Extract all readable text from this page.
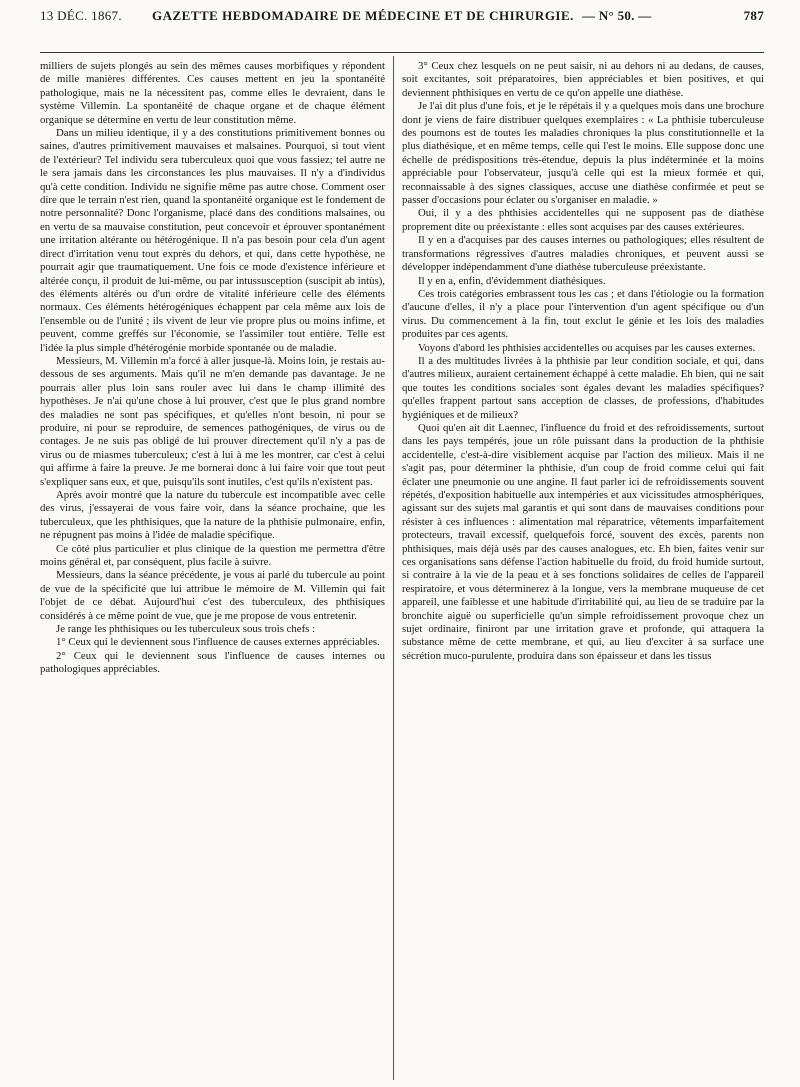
13 DÉC. 1867. GAZETTE HEBDOMADAIRE DE MÉDECINE ET DE CHIRURGIE. — N° 50. —	787

milliers de sujets plongés au sein des mêmes causes morbifiques y répondent de mille manières différentes. Ces causes mettent en jeu la spontanéité pathologique, mais ne la nécessitent pas, comme elles le devraient, dans le système Villemin. La spontanéité de chaque organe et de chaque élément organique se détermine en vertu de leur constitution même.

Dans un milieu identique, il y a des constitutions primitivement bonnes ou saines, d'autres primitivement mauvaises et malsaines. Pourquoi, si tout vient de l'extérieur? Tel individu sera tuberculeux quoi que vous fassiez; tel autre ne le sera jamais dans les circonstances les plus mauvaises. Il n'y a d'individus qu'à cette condition. Individu ne signifie même pas autre chose. Comment oser dire que le terrain n'est rien, quand la spontanéité organique est le fondement de notre personnalité? Donc l'organisme, placé dans des conditions malsaines, ou en vertu de sa mauvaise constitution, peut concevoir et éprouver spontanément une irritation altérante ou hétérogénique. Il n'a pas besoin pour cela d'un agent direct d'irritation venu tout exprès du dehors, et qui, dans cette hypothèse, ne pourrait agir que traumatiquement. Une fois ce mode d'existence inférieure et altérée conçu, il produit de lui-même, ou par intussusception (suscipit ab intùs), des éléments altérés ou d'un ordre de vitalité inférieure celle des éléments normaux. Ces éléments hétérogéniques échappent par cela même aux lois de l'ensemble ou de l'unité ; ils vivent de leur vie propre plus ou moins infime, et peuvent, comme greffés sur l'économie, se l'assimiler tout entière. Telle est l'idée la plus simple d'hétérogénie morbide spontanée ou de maladie.

Messieurs, M. Villemin m'a forcé à aller jusque-là. Moins loin, je restais au-dessous de ses arguments. Mais qu'il ne m'en demande pas davantage. Je ne pourrais aller plus loin sans rouler avec lui dans le champ illimité des hypothèses. Je n'ai qu'une chose à lui prouver, c'est que le plus grand nombre des maladies ne sont pas spécifiques, et qu'elles n'ont besoin, ni pour se produire, ni pour se reproduire, de semences pathogéniques, de virus ou de contages. Je ne suis pas obligé de lui prouver directement qu'il n'y a pas de virus ou de miasmes tuberculeux; c'est à lui à me les montrer, car c'est à celui qui affirme à faire la preuve. Je me bornerai donc à lui faire voir que tout peut s'expliquer sans eux, et que, puisqu'ils sont inutiles, c'est qu'ils n'existent pas.

Après avoir montré que la nature du tubercule est incompatible avec celle des virus, j'essayerai de vous faire voir, dans la séance prochaine, que les tuberculeux, que les phthisiques, que la nature de la phthisie pulmonaire, enfin, ne répugnent pas moins à l'idée de maladie spécifique.

Ce côté plus particulier et plus clinique de la question me permettra d'être moins général et, par conséquent, plus facile à suivre.

Messieurs, dans la séance précédente, je vous ai parlé du tubercule au point de vue de la spécificité que lui attribue le mémoire de M. Villemin qui fait l'objet de ce débat. Aujourd'hui c'est des tuberculeux, des phthisiques considérés à ce même point de vue, que je me propose de vous entretenir.

Je range les phthisiques ou les tuberculeux sous trois chefs :

1° Ceux qui le deviennent sous l'influence de causes externes appréciables.

2° Ceux qui le deviennent sous l'influence de causes internes ou pathologiques appréciables.

3° Ceux chez lesquels on ne peut saisir, ni au dehors ni au dedans, de causes, soit excitantes, soit préparatoires, bien appréciables et bien positives, et qui deviennent phthisiques en vertu de ce qu'on appelle une diathèse.

Je l'ai dit plus d'une fois, et je le répétais il y a quelques mois dans une brochure dont je viens de faire distribuer quelques exemplaires : « La phthisie tuberculeuse des poumons est de toutes les maladies chroniques la plus constitutionnelle et la plus diathésique, et en même temps, celle qui l'est le moins. Elle suppose donc une échelle de prédispositions très-étendue, depuis la plus indéterminée et la moins appréciable pour l'observateur, jusqu'à celle qui est la mieux formée et qui, reconnaissable à des signes classiques, accuse une diathèse confirmée et peut se passer d'occasions pour éclater ou s'organiser en maladie. »

Oui, il y a des phthisies accidentelles qui ne supposent pas de diathèse proprement dite ou préexistante : elles sont acquises par des causes extérieures.

Il y en a d'acquises par des causes internes ou pathologiques; elles résultent de transformations régressives d'autres maladies chroniques, et peuvent aussi se développer indépendamment d'une diathèse tuberculeuse préexistante.

Il y en a, enfin, d'évidemment diathésiques.

Ces trois catégories embrassent tous les cas ; et dans l'étiologie ou la formation d'aucune d'elles, il n'y a place pour l'intervention d'un agent spécifique ou d'un virus. Du commencement à la fin, tout exclut le génie et les lois des maladies produites par ces agents.

Voyons d'abord les phthisies accidentelles ou acquises par les causes externes.

Il a des multitudes livrées à la phthisie par leur condition sociale, et qui, dans d'autres milieux, auraient certainement échappé à cette maladie. Eh bien, qui ne sait que toutes les conditions sociales sont égales devant les maladies spécifiques? qu'elles frappent partout sans acception de classes, de professions, d'habitudes hygiéniques et de milieux?

Quoi qu'en ait dit Laennec, l'influence du froid et des refroidissements, surtout dans les pays tempérés, joue un rôle puissant dans la production de la phthisie accidentelle, c'est-à-dire visiblement acquise par l'action des milieux. Mais il ne s'agit pas, pour déterminer la phthisie, d'un coup de froid comme celui qui fait éclater une pneumonie ou une angine. Il faut parler ici de refroidissements souvent répétés, d'exposition habituelle aux intempéries et aux vicissitudes atmosphériques, agissant sur des sujets mal garantis et qui sont dans de mauvaises conditions pour résister à ces influences : alimentation mal réparatrice, vêtements imparfaitement protecteurs, travail excessif, quelquefois forcé, souvent des excès, parents non phthisiques, mais déjà usés par des causes analogues, etc. Eh bien, faites venir sur ces organisations sans défense l'action habituelle du froid, du froid humide surtout, si contraire à la vie de la peau et à ses fonctions solidaires de celles de l'appareil respiratoire, et vous déterminerez à la longue, vers la membrane muqueuse de cet appareil, une faiblesse et une habitude d'irritabilité qui, au lieu de se traduire par la bronchite aiguë ou superficielle qu'un simple refroidissement provoque chez un sujet ordinaire, finiront par une irritation grave et profonde, qui attaquera la substance même de cette membrane, et qui, au lieu d'exciter à sa surface une sécrétion muco-purulente, produira dans son épaisseur et dans les tissus
